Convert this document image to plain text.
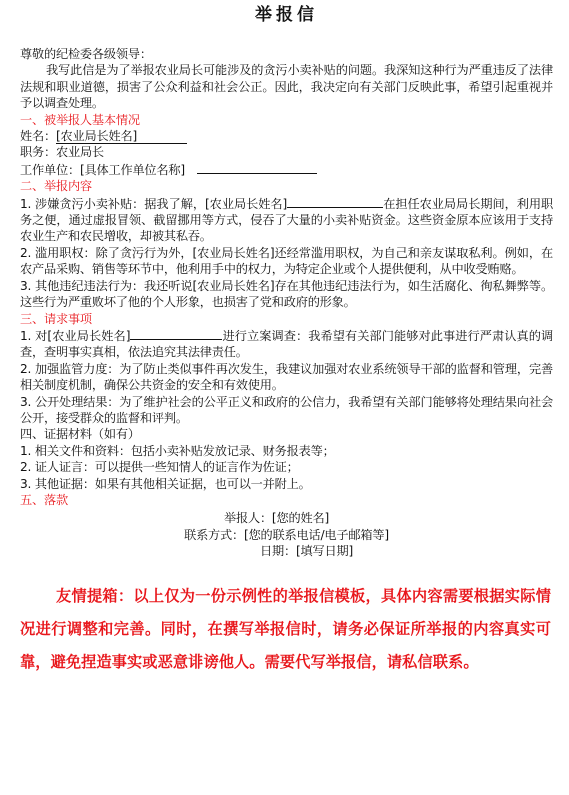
举报信

尊敬的纪检委各级领导：

我写此信是为了举报农业局长可能涉及的贪污小卖补贴的问题。我深知这种行为严重违反了法律法规和职业道德，损害了公众利益和社会公正。因此，我决定向有关部门反映此事，希望引起重视并予以调查处理。

一、被举报人基本情况

姓名：[农业局长姓名]
职务：农业局长
工作单位：[具体工作单位名称]

二、举报内容

1. 涉嫌贪污小卖补贴：据我了解，[农业局长姓名]	在担任农业局局长期间，利用职务之便，通过虚报冒领、截留挪用等方式，侵吞了大量的小卖补贴资金。这些资金原本应该用于支持农业生产和农民增收，却被其私吞。

2. 滥用职权：除了贪污行为外，[农业局长姓名]还经常滥用职权，为自己和亲友谋取私利。例如，在农产品采购、销售等环节中，他利用手中的权力，为特定企业或个人提供便利，从中收受贿赂。

3. 其他违纪违法行为：我还听说[农业局长姓名]存在其他违纪违法行为，如生活腐化、徇私舞弊等。这些行为严重败坏了他的个人形象，也损害了党和政府的形象。

三、请求事项

1. 对[农业局长姓名]	进行立案调查：我希望有关部门能够对此事进行严肃认真的调查，查明事实真相，依法追究其法律责任。

2. 加强监管力度：为了防止类似事件再次发生，我建议加强对农业系统领导干部的监督和管理，完善相关制度机制，确保公共资金的安全和有效使用。

3. 公开处理结果：为了维护社会的公平正义和政府的公信力，我希望有关部门能够将处理结果向社会公开，接受群众的监督和评判。

四、证据材料（如有）

1. 相关文件和资料：包括小卖补贴发放记录、财务报表等；

2. 证人证言：可以提供一些知情人的证言作为佐证；

3. 其他证据：如果有其他相关证据，也可以一并附上。

五、落款

举报人：[您的姓名]
联系方式：[您的联系电话/电子邮箱等]
日期：[填写日期]
友情提箱：以上仅为一份示例性的举报信模板，具体内容需要根据实际情况进行调整和完善。同时，在撰写举报信时，请务必保证所举报的内容真实可靠，避免捏造事实或恶意诽谤他人。需要代写举报信，请私信联系。
